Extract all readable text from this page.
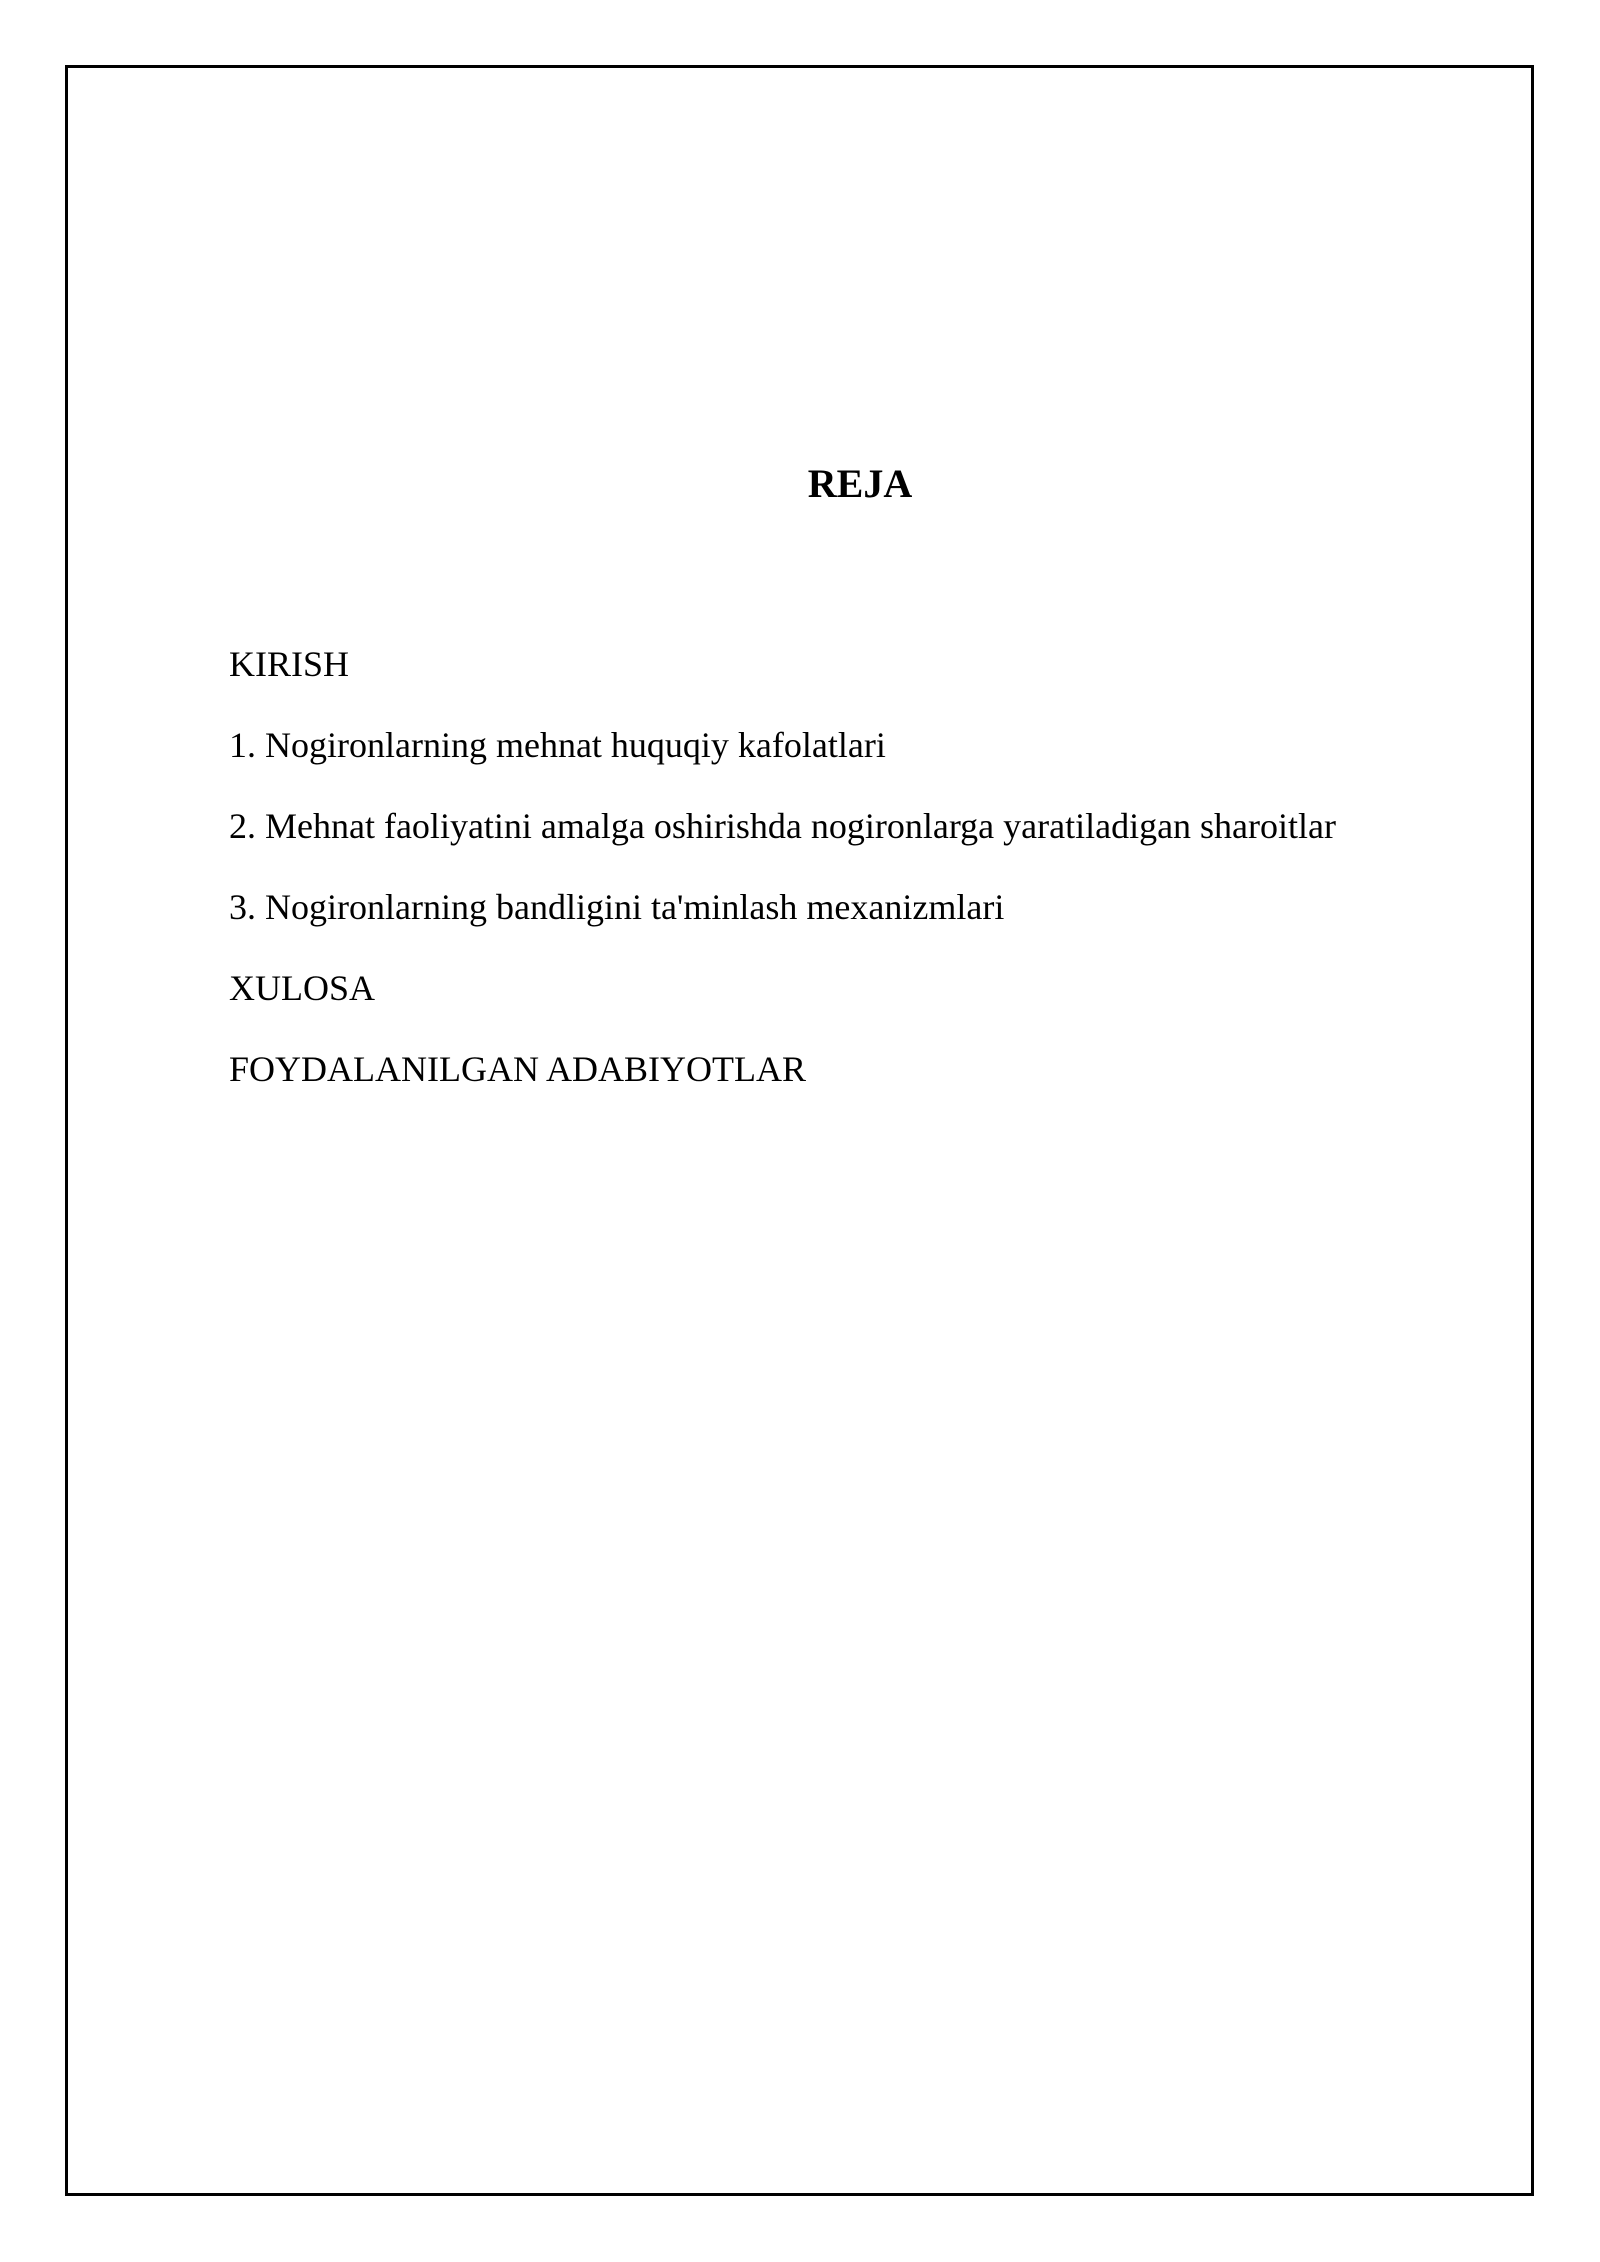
REJA
KIRISH
1. Nogironlarning mehnat huquqiy kafolatlari
2. Mehnat faoliyatini amalga oshirishda nogironlarga yaratiladigan sharoitlar
3. Nogironlarning bandligini ta'minlash mexanizmlari
XULOSA
FOYDALANILGAN ADABIYOTLAR
